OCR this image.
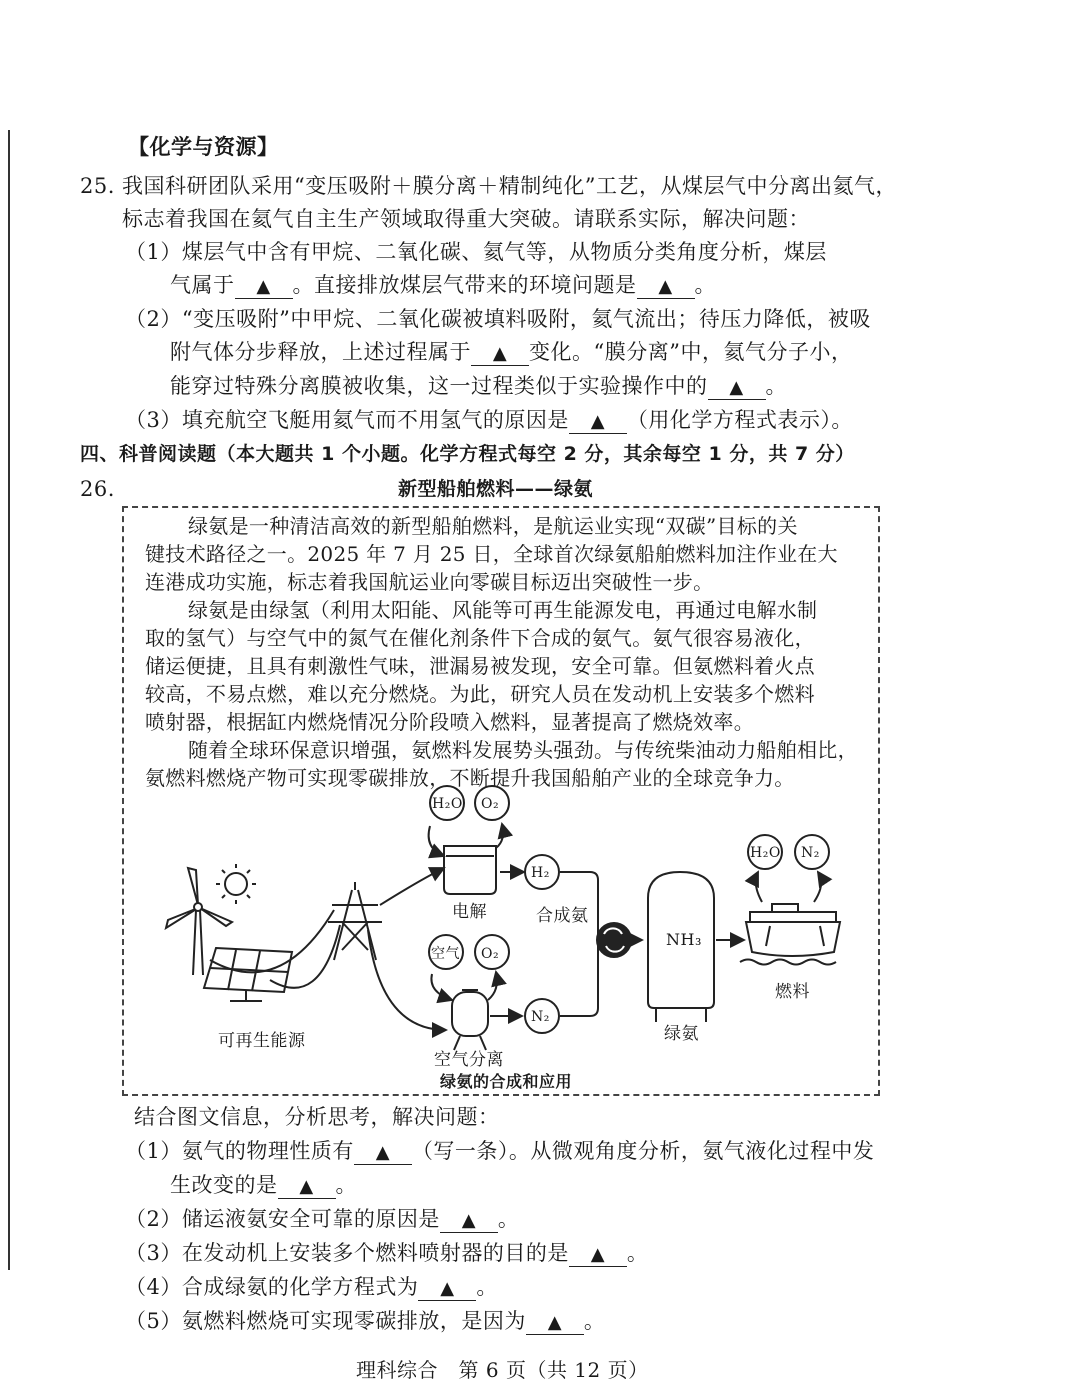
【化学与资源】
25. 我国科研团队采用“变压吸附＋膜分离＋精制纯化”工艺，从煤层气中分离出氦气，
标志着我国在氦气自主生产领域取得重大突破。请联系实际，解决问题：
（1）煤层气中含有甲烷、二氧化碳、氦气等，从物质分类角度分析，煤层
气属于 ▲ 。直接排放煤层气带来的环境问题是 ▲ 。
（2）“变压吸附”中甲烷、二氧化碳被填料吸附，氦气流出；待压力降低，被吸
附气体分步释放，上述过程属于 ▲ 变化。“膜分离”中，氦气分子小，
能穿过特殊分离膜被收集，这一过程类似于实验操作中的 ▲ 。
（3）填充航空飞艇用氦气而不用氢气的原因是 ▲ （用化学方程式表示）。
四、科普阅读题（本大题共 1 个小题。化学方程式每空 2 分，其余每空 1 分，共 7 分）
26.	新型船舶燃料——绿氨
绿氨是一种清洁高效的新型船舶燃料，是航运业实现“双碳”目标的关
键技术路径之一。2025 年 7 月 25 日，全球首次绿氨船舶燃料加注作业在大
连港成功实施，标志着我国航运业向零碳目标迈出突破性一步。
绿氨是由绿氢（利用太阳能、风能等可再生能源发电，再通过电解水制
取的氢气）与空气中的氮气在催化剂条件下合成的氨气。氨气很容易液化，
储运便捷，且具有刺激性气味，泄漏易被发现，安全可靠。但氨燃料着火点
较高，不易点燃，难以充分燃烧。为此，研究人员在发动机上安装多个燃料
喷射器，根据缸内燃烧情况分阶段喷入燃料，显著提高了燃烧效率。
随着全球环保意识增强，氨燃料发展势头强劲。与传统柴油动力船舶相比，
氨燃料燃烧产物可实现零碳排放，不断提升我国船舶产业的全球竞争力。
H₂O O₂
H₂
电解	合成氨
NH₃
空气 O₂
N₂
H₂O N₂
可再生能源	绿氨
燃料
空气分离
绿氨的合成和应用
结合图文信息，分析思考，解决问题：
（1）氨气的物理性质有 ▲ （写一条）。从微观角度分析，氨气液化过程中发
生改变的是 ▲ 。
（2）储运液氨安全可靠的原因是 ▲ 。
（3）在发动机上安装多个燃料喷射器的目的是 ▲ 。
（4）合成绿氨的化学方程式为 ▲ 。
（5）氨燃料燃烧可实现零碳排放，是因为 ▲ 。
理科综合　第 6 页（共 12 页）
